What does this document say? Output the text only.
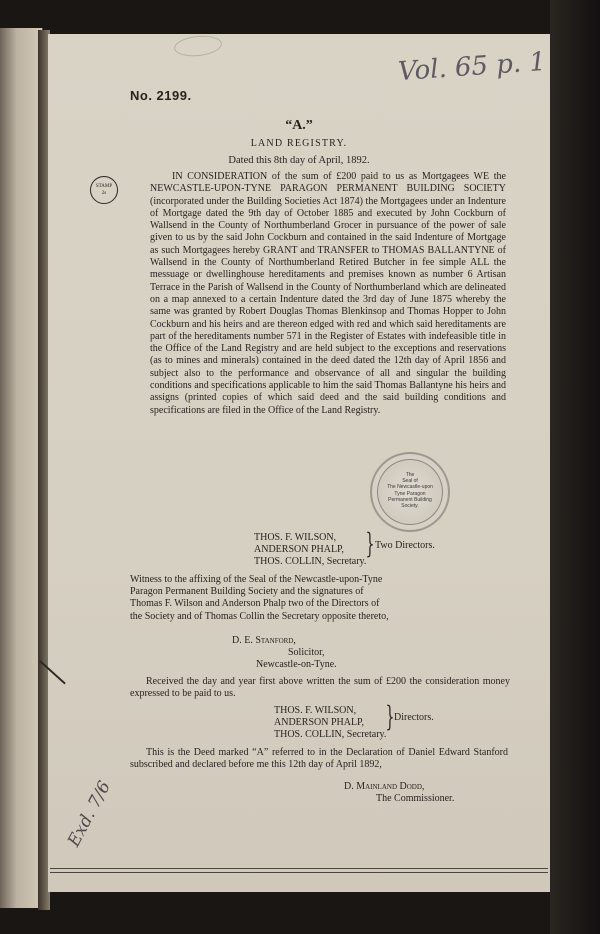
Vol. 65 p. 1
No. 2199.
“A.”
LAND REGISTRY.
Dated this 8th day of April, 1892.
STAMP
2s

IN CONSIDERATION of the sum of £200 paid to us as Mortgagees WE the NEWCASTLE-UPON-TYNE PARAGON PERMANENT BUILDING SOCIETY (incorporated under the Building Societies Act 1874) the Mortgagees under an Indenture of Mortgage dated the 9th day of October 1885 and executed by John Cockburn of Wallsend in the County of Northumberland Grocer in pursuance of the power of sale given to us by the said John Cockburn and contained in the said Indenture of Mortgage as such Mortgagees hereby GRANT and TRANSFER to THOMAS BALLANTYNE of Wallsend in the County of Northumberland Retired Butcher in fee simple ALL the messuage or dwellinghouse hereditaments and premises known as number 6 Artisan Terrace in the Parish of Wallsend in the County of Northumberland which are delineated on a map annexed to a certain Indenture dated the 3rd day of June 1875 whereby the same was granted by Robert Douglas Thomas Blenkinsop and Thomas Hopper to John Cockburn and his heirs and are thereon edged with red and which said hereditaments are part of the hereditaments number 571 in the Register of Estates with indefeasible title in the Office of the Land Registry and are held subject to the exceptions and reservations (as to mines and minerals) contained in the deed dated the 12th day of April 1856 and subject also to the performance and observance of all and singular the building conditions and specifications applicable to him the said Thomas Ballantyne his heirs and assigns (printed copies of which said deed and the said building conditions and specifications are filed in the Office of the Land Registry.

The
Seal of
The Newcastle-upon
Tyne Paragon
Permanent Building
Society.
THOS. F. WILSON,
ANDERSON PHALP,
THOS. COLLIN, Secretary.
} Two Directors.

Witness to the affixing of the Seal of the Newcastle-upon-Tyne Paragon Permanent Building Society and the signatures of Thomas F. Wilson and Anderson Phalp two of the Directors of the Society and of Thomas Collin the Secretary opposite thereto,

D. E. Stanford,
Solicitor,
Newcastle-on-Tyne.

Received the day and year first above written the sum of £200 the consideration money expressed to be paid to us.

THOS. F. WILSON,
ANDERSON PHALP,
THOS. COLLIN, Secretary.
} Directors.

This is the Deed marked “A” referred to in the Declaration of Daniel Edward Stanford subscribed and declared before me this 12th day of April 1892,

D. Mainland Dodd,
The Commissioner.
Exd. 7/6
